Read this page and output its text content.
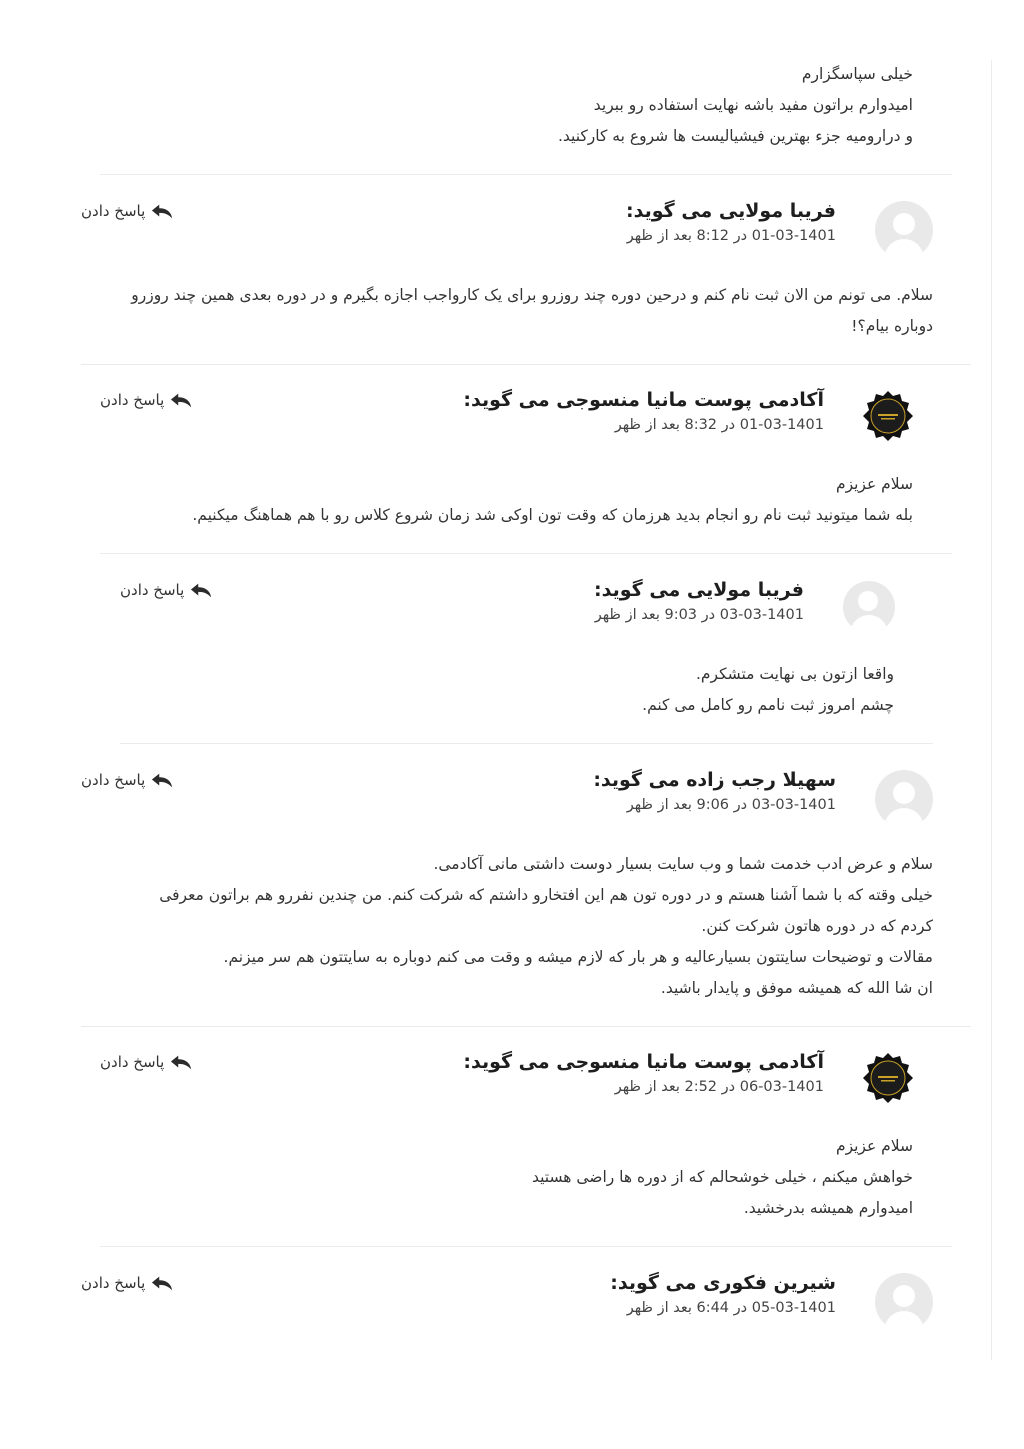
خیلی سپاسگزارم
امیدوارم براتون مفید باشه نهایت استفاده رو ببرید
و درارومیه جزء بهترین فیشیالیست ها شروع به کارکنید.
فریبا مولایی می گوید:
01-03-1401 در 8:12 بعد از ظهر
پاسخ دادن
سلام. می تونم من الان ثبت نام کنم و درحین دوره چند روزرو برای یک کارواجب اجازه بگیرم و در دوره بعدی همین چند روزرو
دوباره بیام؟!
آکادمی پوست مانیا منسوجی می گوید:
01-03-1401 در 8:32 بعد از ظهر
پاسخ دادن
سلام عزیزم
بله شما میتونید ثبت نام رو انجام بدید هرزمان که وقت تون اوکی شد زمان شروع کلاس رو با هم هماهنگ میکنیم.
فریبا مولایی می گوید:
03-03-1401 در 9:03 بعد از ظهر
پاسخ دادن
واقعا ازتون بی نهایت متشکرم.
چشم امروز ثبت نامم رو کامل می کنم.
سهیلا رجب زاده می گوید:
03-03-1401 در 9:06 بعد از ظهر
پاسخ دادن
سلام و عرض ادب خدمت شما و وب سایت بسیار دوست داشتی مانی آکادمی.
خیلی وقته که با شما آشنا هستم و در دوره تون هم این افتخارو داشتم که شرکت کنم. من چندین نفررو هم براتون معرفی
کردم که در دوره هاتون شرکت کنن.
مقالات و توضیحات سایتتون بسیارعالیه و هر بار که لازم میشه و وقت می کنم دوباره به سایتتون هم سر میزنم.
ان شا الله که همیشه موفق و پایدار باشید.
آکادمی پوست مانیا منسوجی می گوید:
06-03-1401 در 2:52 بعد از ظهر
پاسخ دادن
سلام عزیزم
خواهش میکنم ، خیلی خوشحالم که از دوره ها راضی هستید
امیدوارم همیشه بدرخشید.
شیرین فکوری می گوید:
05-03-1401 در 6:44 بعد از ظهر
پاسخ دادن
